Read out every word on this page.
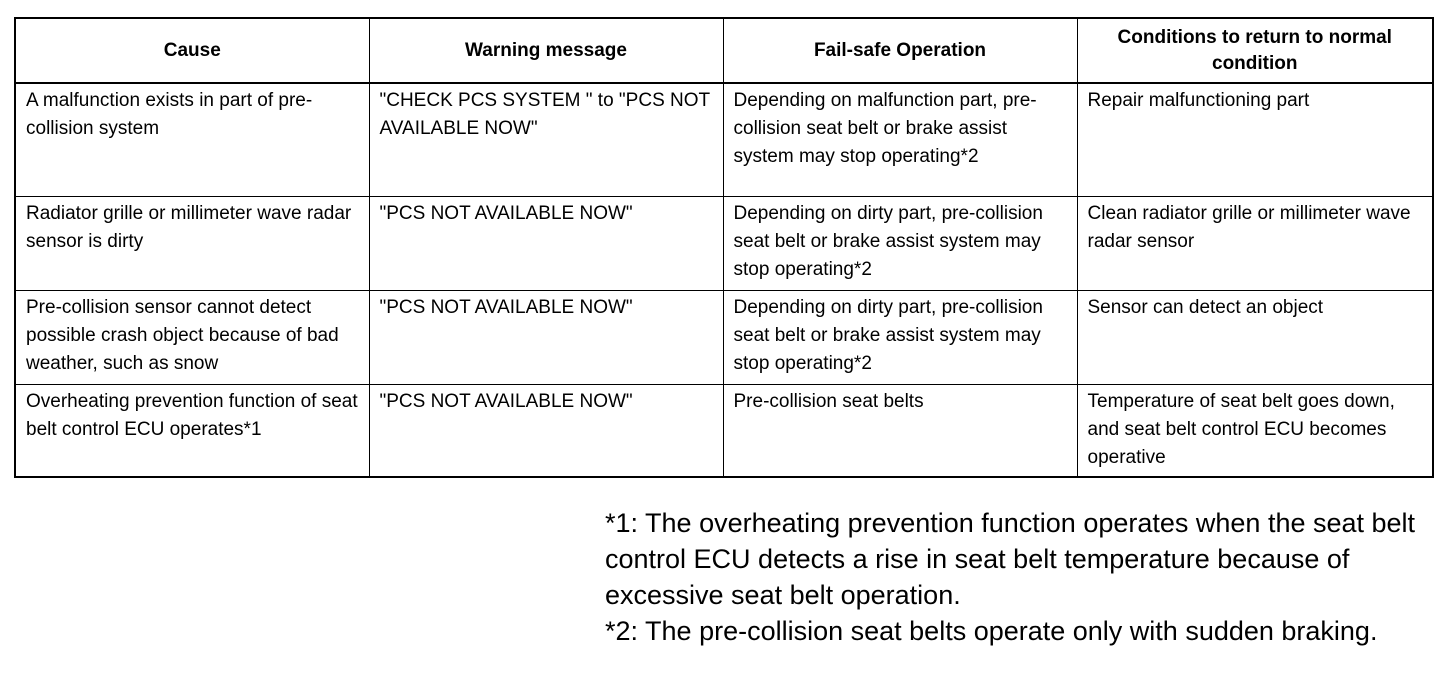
Cause	Warning message	Fail-safe Operation	Conditions to return to normal condition
A malfunction exists in part of pre-collision system	"CHECK PCS SYSTEM " to "PCS NOT AVAILABLE NOW"	Depending on malfunction part, pre-collision seat belt or brake assist system may stop operating*2	Repair malfunctioning part
Radiator grille or millimeter wave radar sensor is dirty	"PCS NOT AVAILABLE NOW"	Depending on dirty part, pre-collision seat belt or brake assist system may stop operating*2	Clean radiator grille or millimeter wave radar sensor
Pre-collision sensor cannot detect possible crash object because of bad weather, such as snow	"PCS NOT AVAILABLE NOW"	Depending on dirty part, pre-collision seat belt or brake assist system may stop operating*2	Sensor can detect an object
Overheating prevention function of seat belt control ECU operates*1	"PCS NOT AVAILABLE NOW"	Pre-collision seat belts	Temperature of seat belt goes down, and seat belt control ECU becomes operative

*1: The overheating prevention function operates when the seat belt control ECU detects a rise in seat belt temperature because of excessive seat belt operation.

*2: The pre-collision seat belts operate only with sudden braking.
